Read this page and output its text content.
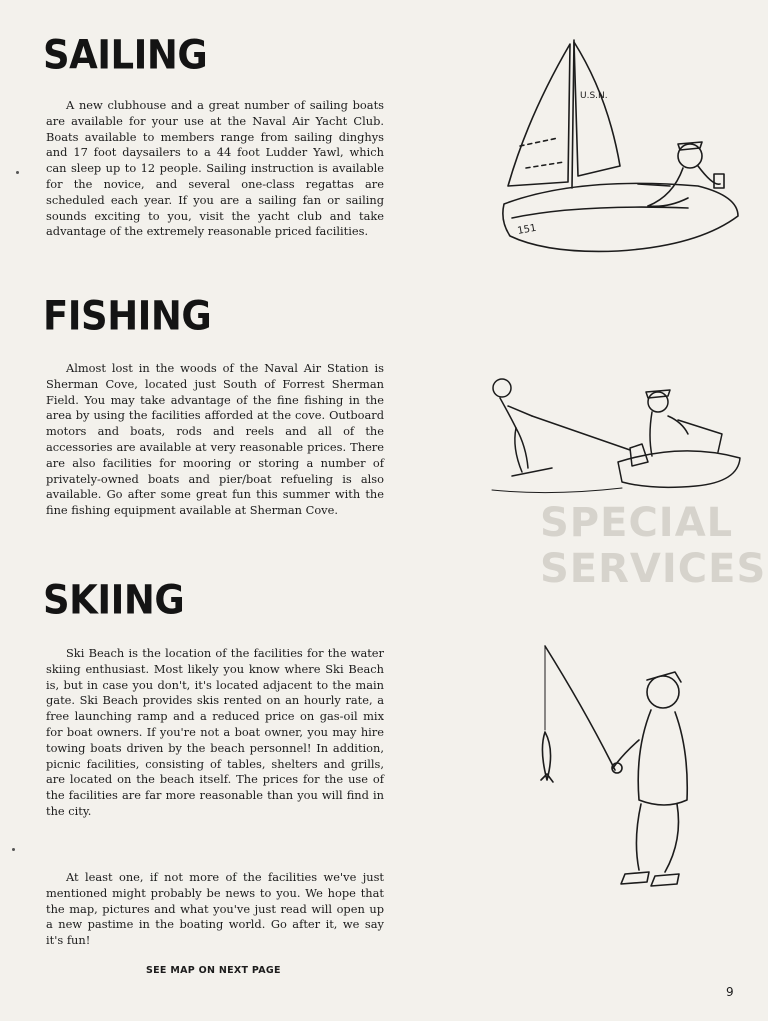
SPECIAL
SERVICES
SAILING

A new clubhouse and a great number of sailing boats are available for your use at the Naval Air Yacht Club. Boats available to members range from sailing dinghys and 17 foot daysailers to a 44 foot Ludder Yawl, which can sleep up to 12 people. Sailing instruction is available for the novice, and several one-class regattas are scheduled each year. If you are a sailing fan or sailing sounds exciting to you, visit the yacht club and take advantage of the extremely reasonable priced facilities.

FISHING

Almost lost in the woods of the Naval Air Station is Sherman Cove, located just South of Forrest Sherman Field. You may take advantage of the fine fishing in the area by using the facilities afforded at the cove. Outboard motors and boats, rods and reels and all of the accessories are available at very reasonable prices. There are also facilities for mooring or storing a number of privately-owned boats and pier/boat refueling is also available. Go after some great fun this summer with the fine fishing equipment available at Sherman Cove.

SKIING

Ski Beach is the location of the facilities for the water skiing enthusiast. Most likely you know where Ski Beach is, but in case you don't, it's located adjacent to the main gate. Ski Beach provides skis rented on an hourly rate, a free launching ramp and a reduced price on gas-oil mix for boat owners. If you're not a boat owner, you may hire towing boats driven by the beach personnel! In addition, picnic facilities, consisting of tables, shelters and grills, are located on the beach itself. The prices for the use of the facilities are far more reasonable than you will find in the city.

At least one, if not more of the facilities we've just mentioned might probably be news to you. We hope that the map, pictures and what you've just read will open up a new pastime in the boating world. Go after it, we say it's fun!

SEE MAP ON NEXT PAGE
9
U.S.N.
151
